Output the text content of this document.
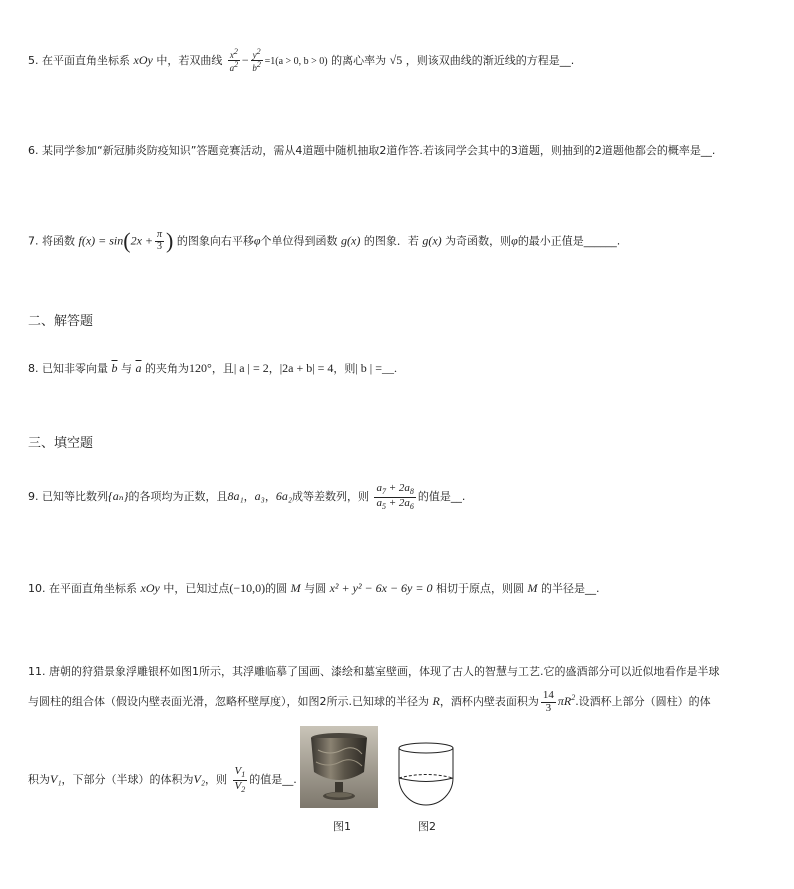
5. 在平面直角坐标系 xOy 中，若双曲线 $\frac{x2}{a2} - \frac{y2}{b2} =1(a > 0$, b > 0) 的离心率为 √5 ，则该双曲线的渐近线的方程是__.
6. 某同学参加“新冠肺炎防疫知识”答题竞赛活动，需从4道题中随机抽取2道作答.若该同学会其中的3道题，则抽到的2道题他都会的概率是__.
7. 将函数 $f(x) = \sin(2x + \frac{\pi}{3}$ ) 的图象向右平移φ个单位得到函数 g(x) 的图象．若 g(x) 为奇函数，则φ的最小正值是______.
二、解答题
8. 已知非零向量 $\overline{b}$ 与 $\overline{a}$ 的夹角为120°，且| a | = 2，|2a + b| = 4，则| b | =__.
三、填空题
9. 已知等比数列{aₙ}的各项均为正数，且8a₁，a₃，6a₂成等差数列，则 $\frac{a_7 + 2a_8}{a_5 + 2a_6}$ 的值是__.
10. 在平面直角坐标系 xOy 中，已知过点(−10,0)的圆 M 与圆 x² + y² − 6x − 6y = 0 相切于原点，则圆 M 的半径是__.
11. 唐朝的狩猎景象浮雕银杯如图1所示，其浮雕临摹了国画、漆绘和墓室壁画，体现了古人的智慧与工艺.它的盛酒部分可以近似地看作是半球
与圆柱的组合体（假设内壁表面光滑，忽略杯壁厚度），如图2所示.已知球的半径为 R，酒杯内壁表面积为 $\frac{14}{3} \pi R^2$.设酒杯上部分（圆柱）的体
积为V₁，下部分（半球）的体积为V₂，则 $\frac{V_1}{V_2}$ 的值是__.
图1	图2
